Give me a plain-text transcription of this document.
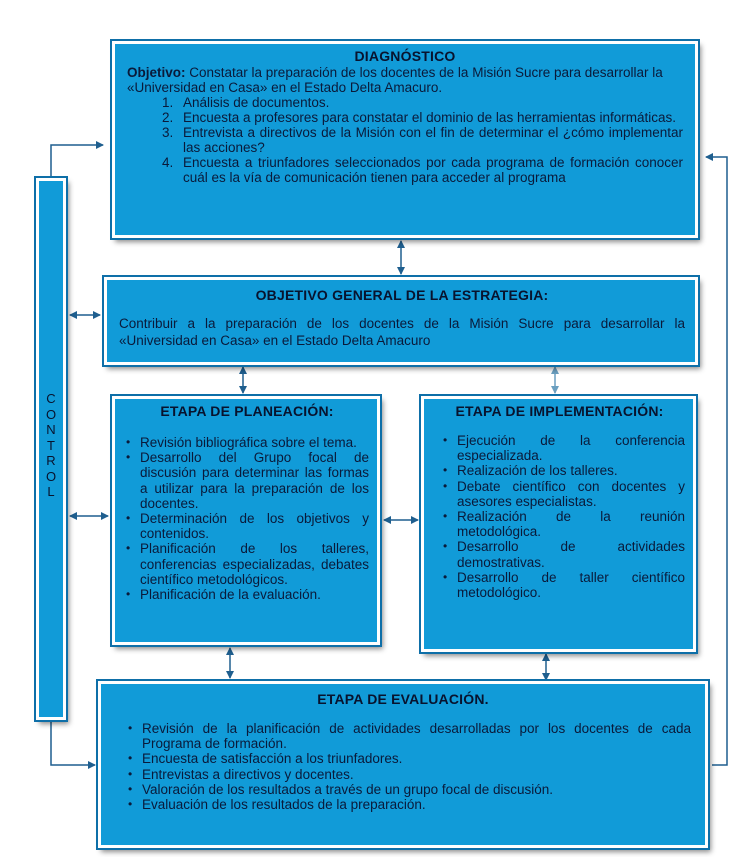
C
O
N
T
R
O
L
DIAGNÓSTICO
Objetivo: Constatar la preparación de los docentes de la Misión Sucre para desarrollar la «Universidad en Casa» en el Estado Delta Amacuro.
1. Análisis de documentos.
2. Encuesta a profesores para constatar el dominio de las herramientas informáticas.
3. Entrevista a directivos de la Misión con el fin de determinar el ¿cómo implementar las acciones?
4. Encuesta a triunfadores seleccionados por cada programa de formación conocer cuál es la vía de comunicación tienen para acceder al programa
OBJETIVO GENERAL DE LA ESTRATEGIA:
Contribuir a la preparación de los docentes de la Misión Sucre para desarrollar la «Universidad en Casa» en el Estado Delta Amacuro
ETAPA DE PLANEACIÓN:
• Revisión bibliográfica sobre el tema.
• Desarrollo del Grupo focal de discusión para determinar las formas a utilizar para la preparación de los docentes.
• Determinación de los objetivos y contenidos.
• Planificación de los talleres, conferencias especializadas, debates científico metodológicos.
• Planificación de la evaluación.
ETAPA DE IMPLEMENTACIÓN:
• Ejecución de la conferencia especializada.
• Realización de los talleres.
• Debate científico con docentes y asesores especialistas.
• Realización de la reunión metodológica.
• Desarrollo de actividades demostrativas.
• Desarrollo de taller científico metodológico.
ETAPA DE EVALUACIÓN.
• Revisión de la planificación de actividades desarrolladas por los docentes de cada Programa de formación.
• Encuesta de satisfacción a los triunfadores.
• Entrevistas a directivos y docentes.
• Valoración de los resultados a través de un grupo focal de discusión.
• Evaluación de los resultados de la preparación.
